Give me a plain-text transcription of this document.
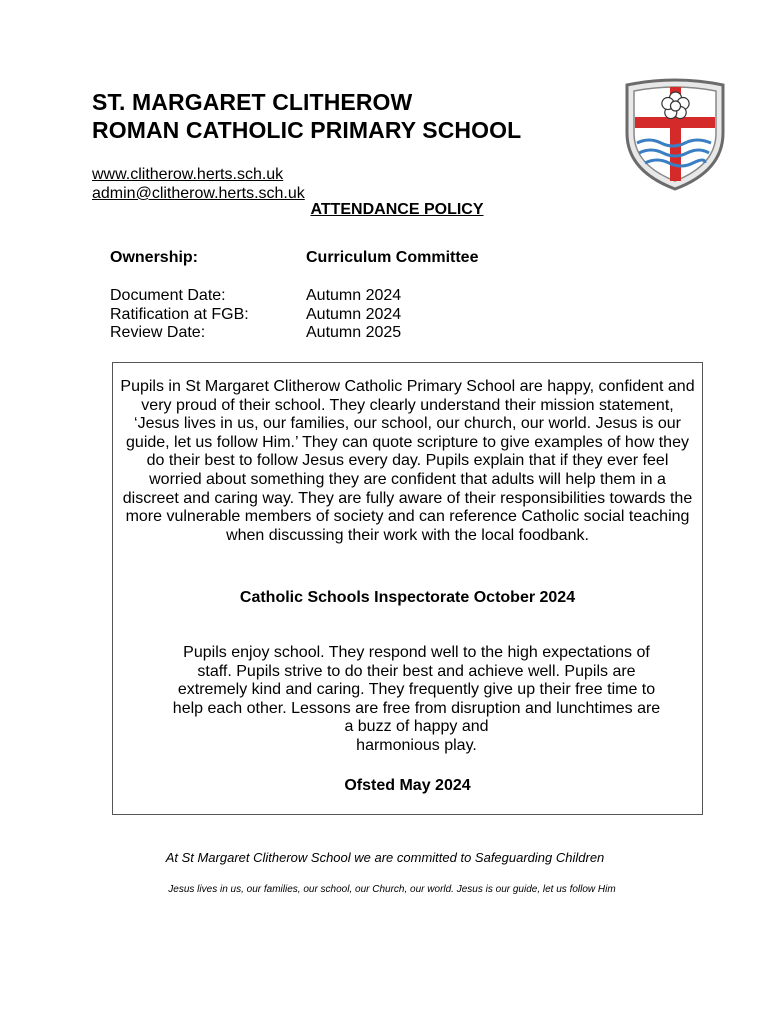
ST. MARGARET CLITHEROW
ROMAN CATHOLIC PRIMARY SCHOOL
www.clitherow.herts.sch.uk
admin@clitherow.herts.sch.uk
ATTENDANCE POLICY
Ownership:	Curriculum Committee
Document Date:	Autumn 2024
Ratification at FGB:	Autumn 2024
Review Date:	Autumn 2025
Pupils in St Margaret Clitherow Catholic Primary School are happy, confident and very proud of their school. They clearly understand their mission statement, ‘Jesus lives in us, our families, our school, our church, our world. Jesus is our guide, let us follow Him.’ They can quote scripture to give examples of how they do their best to follow Jesus every day. Pupils explain that if they ever feel worried about something they are confident that adults will help them in a discreet and caring way. They are fully aware of their responsibilities towards the more vulnerable members of society and can reference Catholic social teaching when discussing their work with the local foodbank.
Catholic Schools Inspectorate October 2024
Pupils enjoy school. They respond well to the high expectations of
staff. Pupils strive to do their best and achieve well. Pupils are
extremely kind and caring. They frequently give up their free time to
help each other. Lessons are free from disruption and lunchtimes are
a buzz of happy and
harmonious play.
Ofsted May 2024
At St Margaret Clitherow School we are committed to Safeguarding Children
Jesus lives in us, our families, our school, our Church, our world. Jesus is our guide, let us follow Him
